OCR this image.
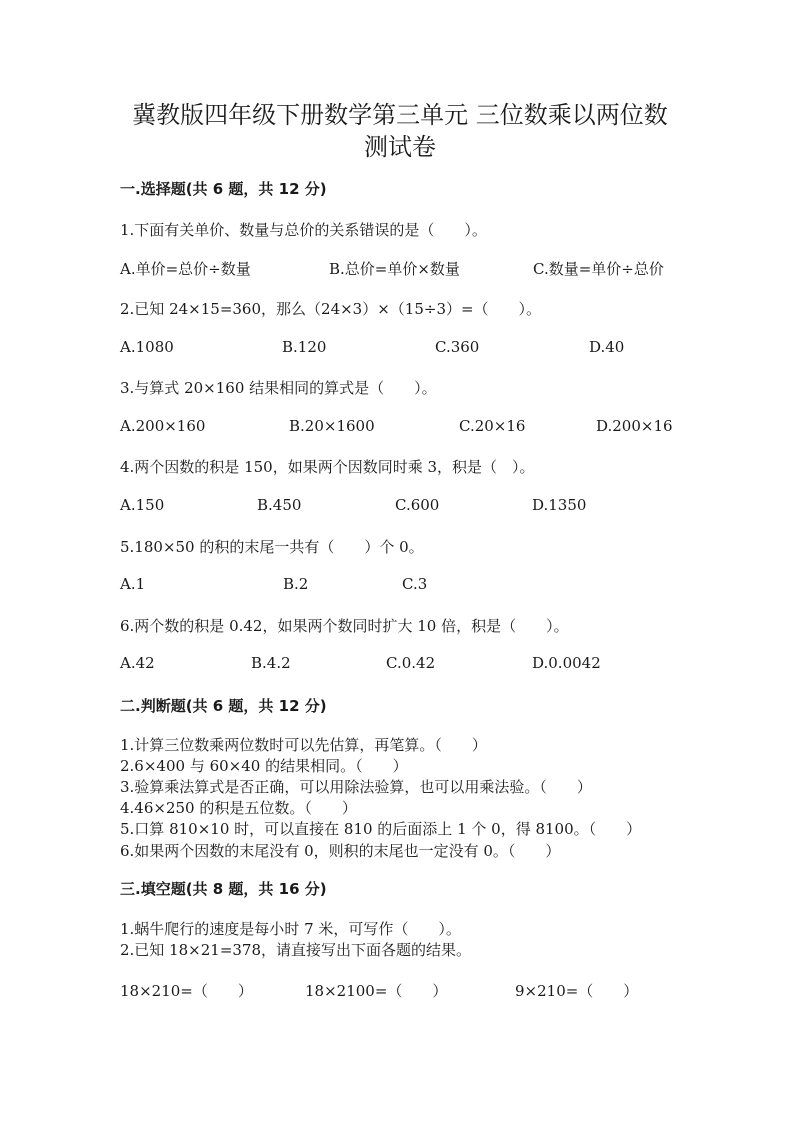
冀教版四年级下册数学第三单元 三位数乘以两位数
测试卷
一.选择题(共 6 题，共 12 分)
1.下面有关单价、数量与总价的关系错误的是（　　）。
A.单价=总价÷数量	B.总价=单价×数量	C.数量=单价÷总价
2.已知 24×15=360，那么（24×3）×（15÷3）=（　　）。
A.1080	B.120	C.360	D.40
3.与算式 20×160 结果相同的算式是（　　）。
A.200×160	B.20×1600	C.20×16	D.200×16
4.两个因数的积是 150，如果两个因数同时乘 3，积是（　）。
A.150	B.450	C.600	D.1350
5.180×50 的积的末尾一共有（　　）个 0。
A.1	B.2	C.3
6.两个数的积是 0.42，如果两个数同时扩大 10 倍，积是（　　）。
A.42	B.4.2	C.0.42	D.0.0042
二.判断题(共 6 题，共 12 分)
1.计算三位数乘两位数时可以先估算，再笔算。（　　）
2.6×400 与 60×40 的结果相同。（　　）
3.验算乘法算式是否正确，可以用除法验算，也可以用乘法验。（　　）
4.46×250 的积是五位数。（　　）
5.口算 810×10 时，可以直接在 810 的后面添上 1 个 0，得 8100。（　　）
6.如果两个因数的末尾没有 0，则积的末尾也一定没有 0。（　　）
三.填空题(共 8 题，共 16 分)
1.蜗牛爬行的速度是每小时 7 米，可写作（　　）。
2.已知 18×21=378，请直接写出下面各题的结果。
18×210=（　　）	18×2100=（　　）	9×210=（　　）
